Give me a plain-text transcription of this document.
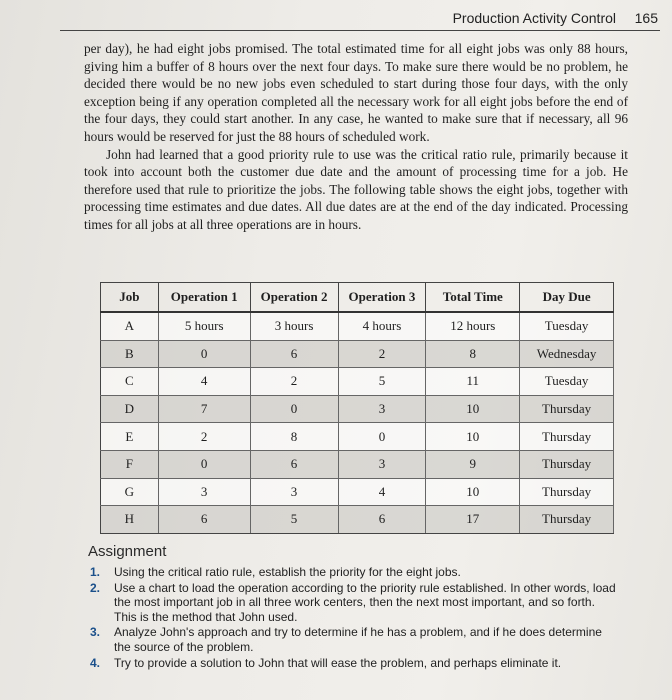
Production Activity Control 165

per day), he had eight jobs promised. The total estimated time for all eight jobs was only 88 hours, giving him a buffer of 8 hours over the next four days. To make sure there would be no problem, he decided there would be no new jobs even scheduled to start during those four days, with the only exception being if any operation completed all the necessary work for all eight jobs before the end of the four days, they could start another. In any case, he wanted to make sure that if necessary, all 96 hours would be reserved for just the 88 hours of scheduled work.

John had learned that a good priority rule to use was the critical ratio rule, primarily because it took into account both the customer due date and the amount of processing time for a job. He therefore used that rule to prioritize the jobs. The following table shows the eight jobs, together with processing time estimates and due dates. All due dates are at the end of the day indicated. Processing times for all jobs at all three operations are in hours.

Job	Operation 1	Operation 2	Operation 3	Total Time	Day Due
A	5 hours	3 hours	4 hours	12 hours	Tuesday
B	0	6	2	8	Wednesday
C	4	2	5	11	Tuesday
D	7	0	3	10	Thursday
E	2	8	0	10	Thursday
F	0	6	3	9	Thursday
G	3	3	4	10	Thursday
H	6	5	6	17	Thursday
Assignment
1. Using the critical ratio rule, establish the priority for the eight jobs.
2. Use a chart to load the operation according to the priority rule established. In other words, load the most important job in all three work centers, then the next most important, and so forth. This is the method that John used.
3. Analyze John's approach and try to determine if he has a problem, and if he does determine the source of the problem.
4. Try to provide a solution to John that will ease the problem, and perhaps eliminate it.
